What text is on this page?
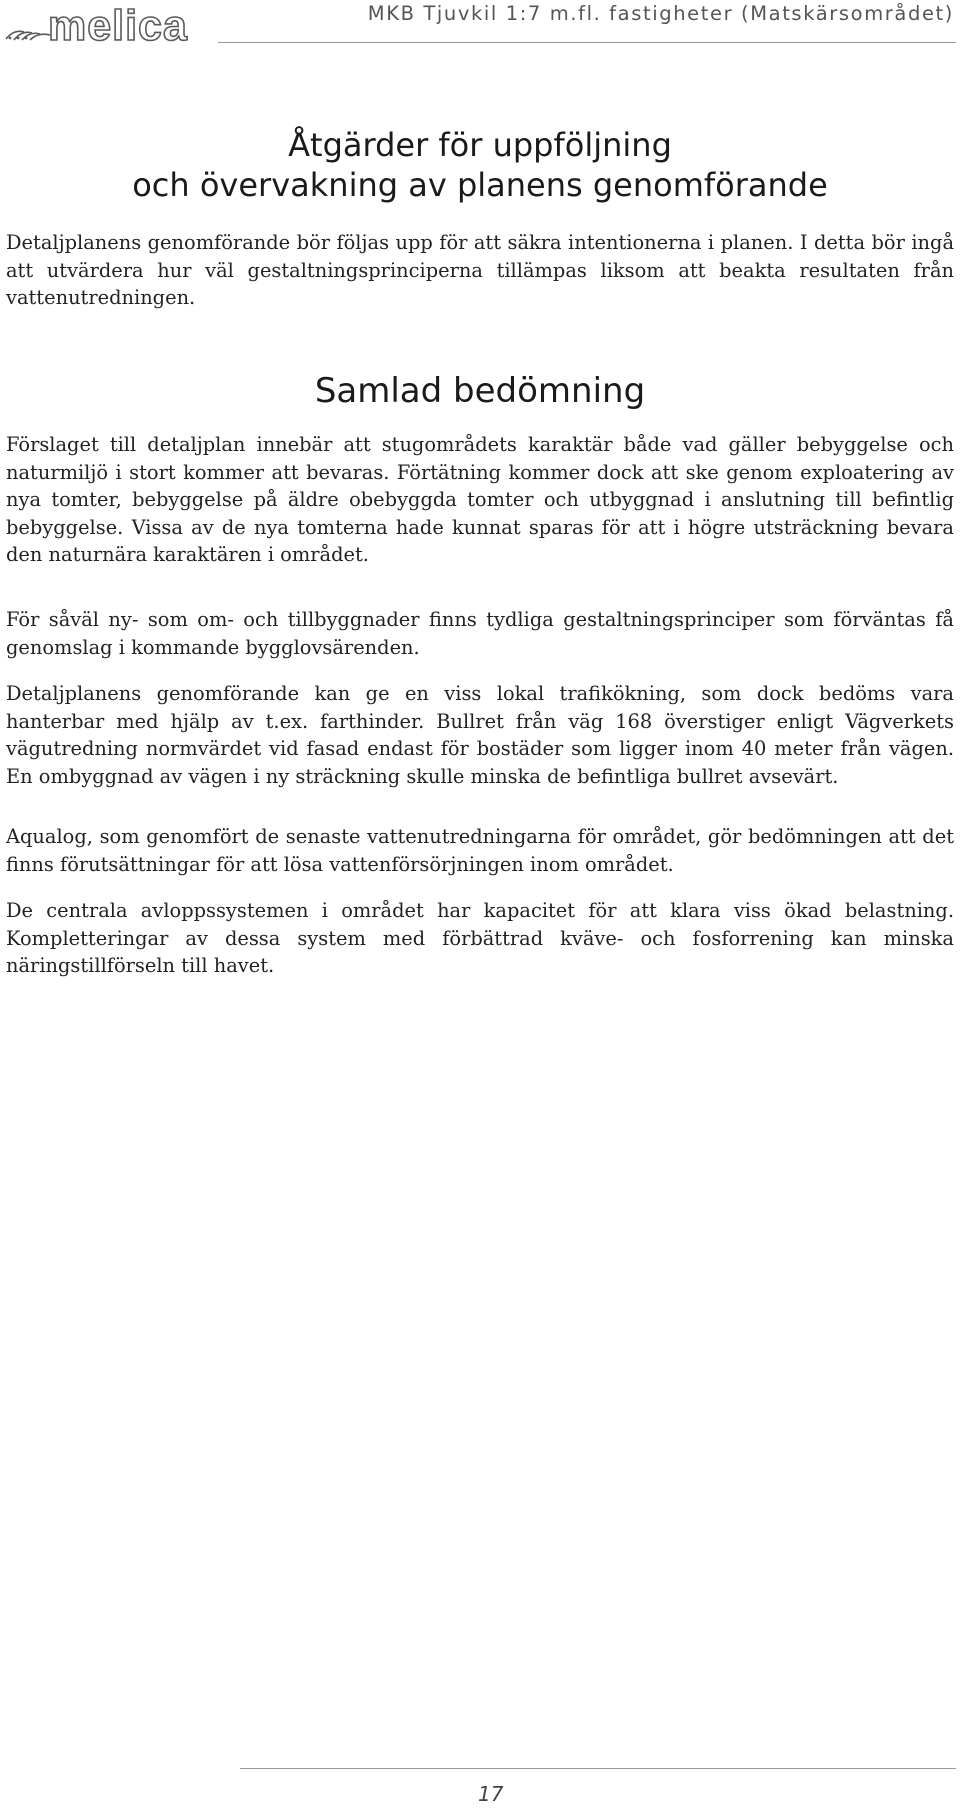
melica	MKB Tjuvkil 1:7 m.fl. fastigheter (Matskärsområdet)
Åtgärder för uppföljning
och övervakning av planens genomförande

Detaljplanens genomförande bör följas upp för att säkra intentionerna i planen. I detta bör ingå att utvärdera hur väl gestaltningsprinciperna tillämpas liksom att beakta resultaten från vattenutredningen.

Samlad bedömning

Förslaget till detaljplan innebär att stugområdets karaktär både vad gäller bebyggelse och naturmiljö i stort kommer att bevaras. Förtätning kommer dock att ske genom exploatering av nya tomter, bebyggelse på äldre obebyggda tomter och utbyggnad i anslutning till befintlig bebyggelse. Vissa av de nya tomterna hade kunnat sparas för att i högre utsträckning bevara den naturnära karaktären i området.

För såväl ny- som om- och tillbyggnader finns tydliga gestaltningsprinciper som förväntas få genomslag i kommande bygglovsärenden.

Detaljplanens genomförande kan ge en viss lokal trafikökning, som dock bedöms vara hanterbar med hjälp av t.ex. farthinder. Bullret från väg 168 överstiger enligt Vägverkets vägutredning normvärdet vid fasad endast för bostäder som ligger inom 40 meter från vägen. En ombyggnad av vägen i ny sträckning skulle minska de befintliga bullret avsevärt.

Aqualog, som genomfört de senaste vattenutredningarna för området, gör bedömningen att det finns förutsättningar för att lösa vattenförsörjningen inom området.

De centrala avloppssystemen i området har kapacitet för att klara viss ökad belastning. Kompletteringar av dessa system med förbättrad kväve- och fosforrening kan minska näringstillförseln till havet.

17
